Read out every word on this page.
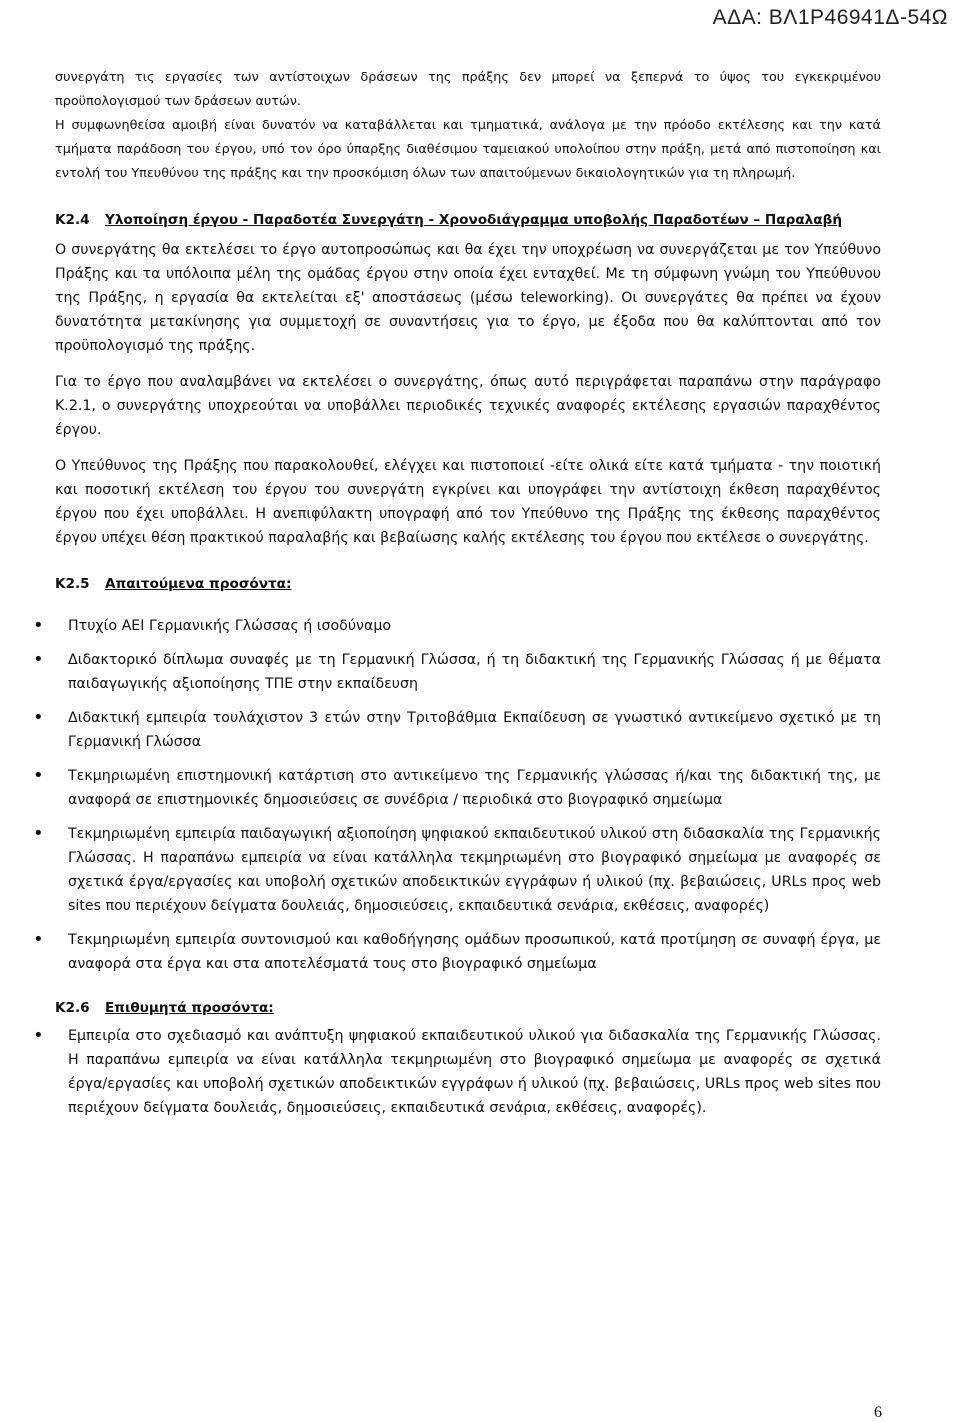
ΑΔΑ: ΒΛ1Ρ46941Δ-54Ω

συνεργάτη τις εργασίες των αντίστοιχων δράσεων της πράξης δεν μπορεί να ξεπερνά το ύψος του εγκεκριμένου προϋπολογισμού των δράσεων αυτών.

Η συμφωνηθείσα αμοιβή είναι δυνατόν να καταβάλλεται και τμηματικά, ανάλογα με την πρόοδο εκτέλεσης και την κατά τμήματα παράδοση του έργου, υπό τον όρο ύπαρξης διαθέσιμου ταμειακού υπολοίπου στην πράξη, μετά από πιστοποίηση και εντολή του Υπευθύνου της πράξης και την προσκόμιση όλων των απαιτούμενων δικαιολογητικών για τη πληρωμή.

Κ2.4	Υλοποίηση έργου - Παραδοτέα Συνεργάτη - Χρονοδιάγραμμα υποβολής Παραδοτέων – Παραλαβή

Ο συνεργάτης θα εκτελέσει το έργο αυτοπροσώπως και θα έχει την υποχρέωση να συνεργάζεται με τον Υπεύθυνο Πράξης και τα υπόλοιπα μέλη της ομάδας έργου στην οποία έχει ενταχθεί. Με τη σύμφωνη γνώμη του Υπεύθυνου της Πράξης, η εργασία θα εκτελείται εξ' αποστάσεως (μέσω teleworking). Οι συνεργάτες θα πρέπει να έχουν δυνατότητα μετακίνησης για συμμετοχή σε συναντήσεις για το έργο, με έξοδα που θα καλύπτονται από τον προϋπολογισμό της πράξης.

Για το έργο που αναλαμβάνει να εκτελέσει ο συνεργάτης, όπως αυτό περιγράφεται παραπάνω στην παράγραφο Κ.2.1, ο συνεργάτης υποχρεούται να υποβάλλει περιοδικές τεχνικές αναφορές εκτέλεσης εργασιών παραχθέντος έργου.

Ο Υπεύθυνος της Πράξης που παρακολουθεί, ελέγχει και πιστοποιεί -είτε ολικά είτε κατά τμήματα - την ποιοτική και ποσοτική εκτέλεση του έργου του συνεργάτη εγκρίνει και υπογράφει την αντίστοιχη έκθεση παραχθέντος έργου που έχει υποβάλλει. Η ανεπιφύλακτη υπογραφή από τον Υπεύθυνο της Πράξης της έκθεσης παραχθέντος έργου υπέχει θέση πρακτικού παραλαβής και βεβαίωσης καλής εκτέλεσης του έργου που εκτέλεσε ο συνεργάτης.

Κ2.5	Απαιτούμενα προσόντα:
• Πτυχίο ΑΕΙ Γερμανικής Γλώσσας ή ισοδύναμο
• Διδακτορικό δίπλωμα συναφές με τη Γερμανική Γλώσσα, ή τη διδακτική της Γερμανικής Γλώσσας ή με θέματα παιδαγωγικής αξιοποίησης ΤΠΕ στην εκπαίδευση
• Διδακτική εμπειρία τουλάχιστον 3 ετών στην Τριτοβάθμια Εκπαίδευση σε γνωστικό αντικείμενο σχετικό με τη Γερμανική Γλώσσα
• Τεκμηριωμένη επιστημονική κατάρτιση στο αντικείμενο της Γερμανικής γλώσσας ή/και της διδακτική της, με αναφορά σε επιστημονικές δημοσιεύσεις σε συνέδρια / περιοδικά στο βιογραφικό σημείωμα
• Τεκμηριωμένη εμπειρία παιδαγωγική αξιοποίηση ψηφιακού εκπαιδευτικού υλικού στη διδασκαλία της Γερμανικής Γλώσσας. Η παραπάνω εμπειρία να είναι κατάλληλα τεκμηριωμένη στο βιογραφικό σημείωμα με αναφορές σε σχετικά έργα/εργασίες και υποβολή σχετικών αποδεικτικών εγγράφων ή υλικού (πχ. βεβαιώσεις, URLs προς web sites που περιέχουν δείγματα δουλειάς, δημοσιεύσεις, εκπαιδευτικά σενάρια, εκθέσεις, αναφορές)
• Τεκμηριωμένη εμπειρία συντονισμού και καθοδήγησης ομάδων προσωπικού, κατά προτίμηση σε συναφή έργα, με αναφορά στα έργα και στα αποτελέσματά τους στο βιογραφικό σημείωμα
Κ2.6	Επιθυμητά προσόντα:
• Εμπειρία στο σχεδιασμό και ανάπτυξη ψηφιακού εκπαιδευτικού υλικού για διδασκαλία της Γερμανικής Γλώσσας. Η παραπάνω εμπειρία να είναι κατάλληλα τεκμηριωμένη στο βιογραφικό σημείωμα με αναφορές σε σχετικά έργα/εργασίες και υποβολή σχετικών αποδεικτικών εγγράφων ή υλικού (πχ. βεβαιώσεις, URLs προς web sites που περιέχουν δείγματα δουλειάς, δημοσιεύσεις, εκπαιδευτικά σενάρια, εκθέσεις, αναφορές).
6
